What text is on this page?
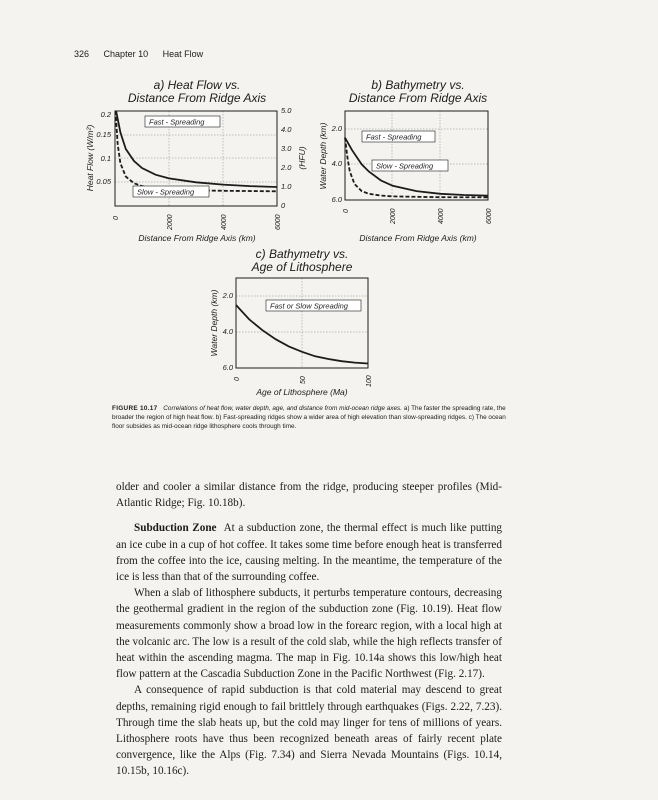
326 Chapter 10 Heat Flow
a) Heat Flow vs.
Distance From Ridge Axis
0.2
0.15
0.1
0.05
5.0
4.0
3.0
2.0
1.0
0
0	2000	4000	6000
Heat Flow (W/m²)	(HFU)
Distance From Ridge Axis (km)
Fast - Spreading
Slow - Spreading
b) Bathymetry vs.
Distance From Ridge Axis
2.0
4.0
6.0
0	2000	4000	6000
Water Depth (km)
Distance From Ridge Axis (km)
Fast - Spreading
Slow - Spreading
c) Bathymetry vs.
Age of Lithosphere
2.0
4.0
6.0
0	50	100
Water Depth (km)
Age of Lithosphere (Ma)
Fast or Slow Spreading
FIGURE 10.17 Correlations of heat flow, water depth, age, and distance from mid-ocean ridge axes. a) The faster the spreading rate, the broader the region of high heat flow. b) Fast-spreading ridges show a wider area of high elevation than slow-spreading ridges. c) The ocean floor subsides as mid-ocean ridge lithosphere cools through time.

older and cooler a similar distance from the ridge, producing steeper profiles (Mid-Atlantic Ridge; Fig. 10.18b).

Subduction Zone At a subduction zone, the thermal effect is much like putting an ice cube in a cup of hot coffee. It takes some time before enough heat is transferred from the coffee into the ice, causing melting. In the meantime, the temperature of the ice is less than that of the surrounding coffee.

When a slab of lithosphere subducts, it perturbs temperature contours, decreasing the geothermal gradient in the region of the subduction zone (Fig. 10.19). Heat flow measurements commonly show a broad low in the forearc region, with a local high at the volcanic arc. The low is a result of the cold slab, while the high reflects transfer of heat within the ascending magma. The map in Fig. 10.14a shows this low/high heat flow pattern at the Cascadia Subduction Zone in the Pacific Northwest (Fig. 2.17).

A consequence of rapid subduction is that cold material may descend to great depths, remaining rigid enough to fail brittlely through earthquakes (Figs. 2.22, 7.23). Through time the slab heats up, but the cold may linger for tens of millions of years. Lithosphere roots have thus been recognized beneath areas of fairly recent plate convergence, like the Alps (Fig. 7.34) and Sierra Nevada Mountains (Figs. 10.14, 10.15b, 10.16c).
